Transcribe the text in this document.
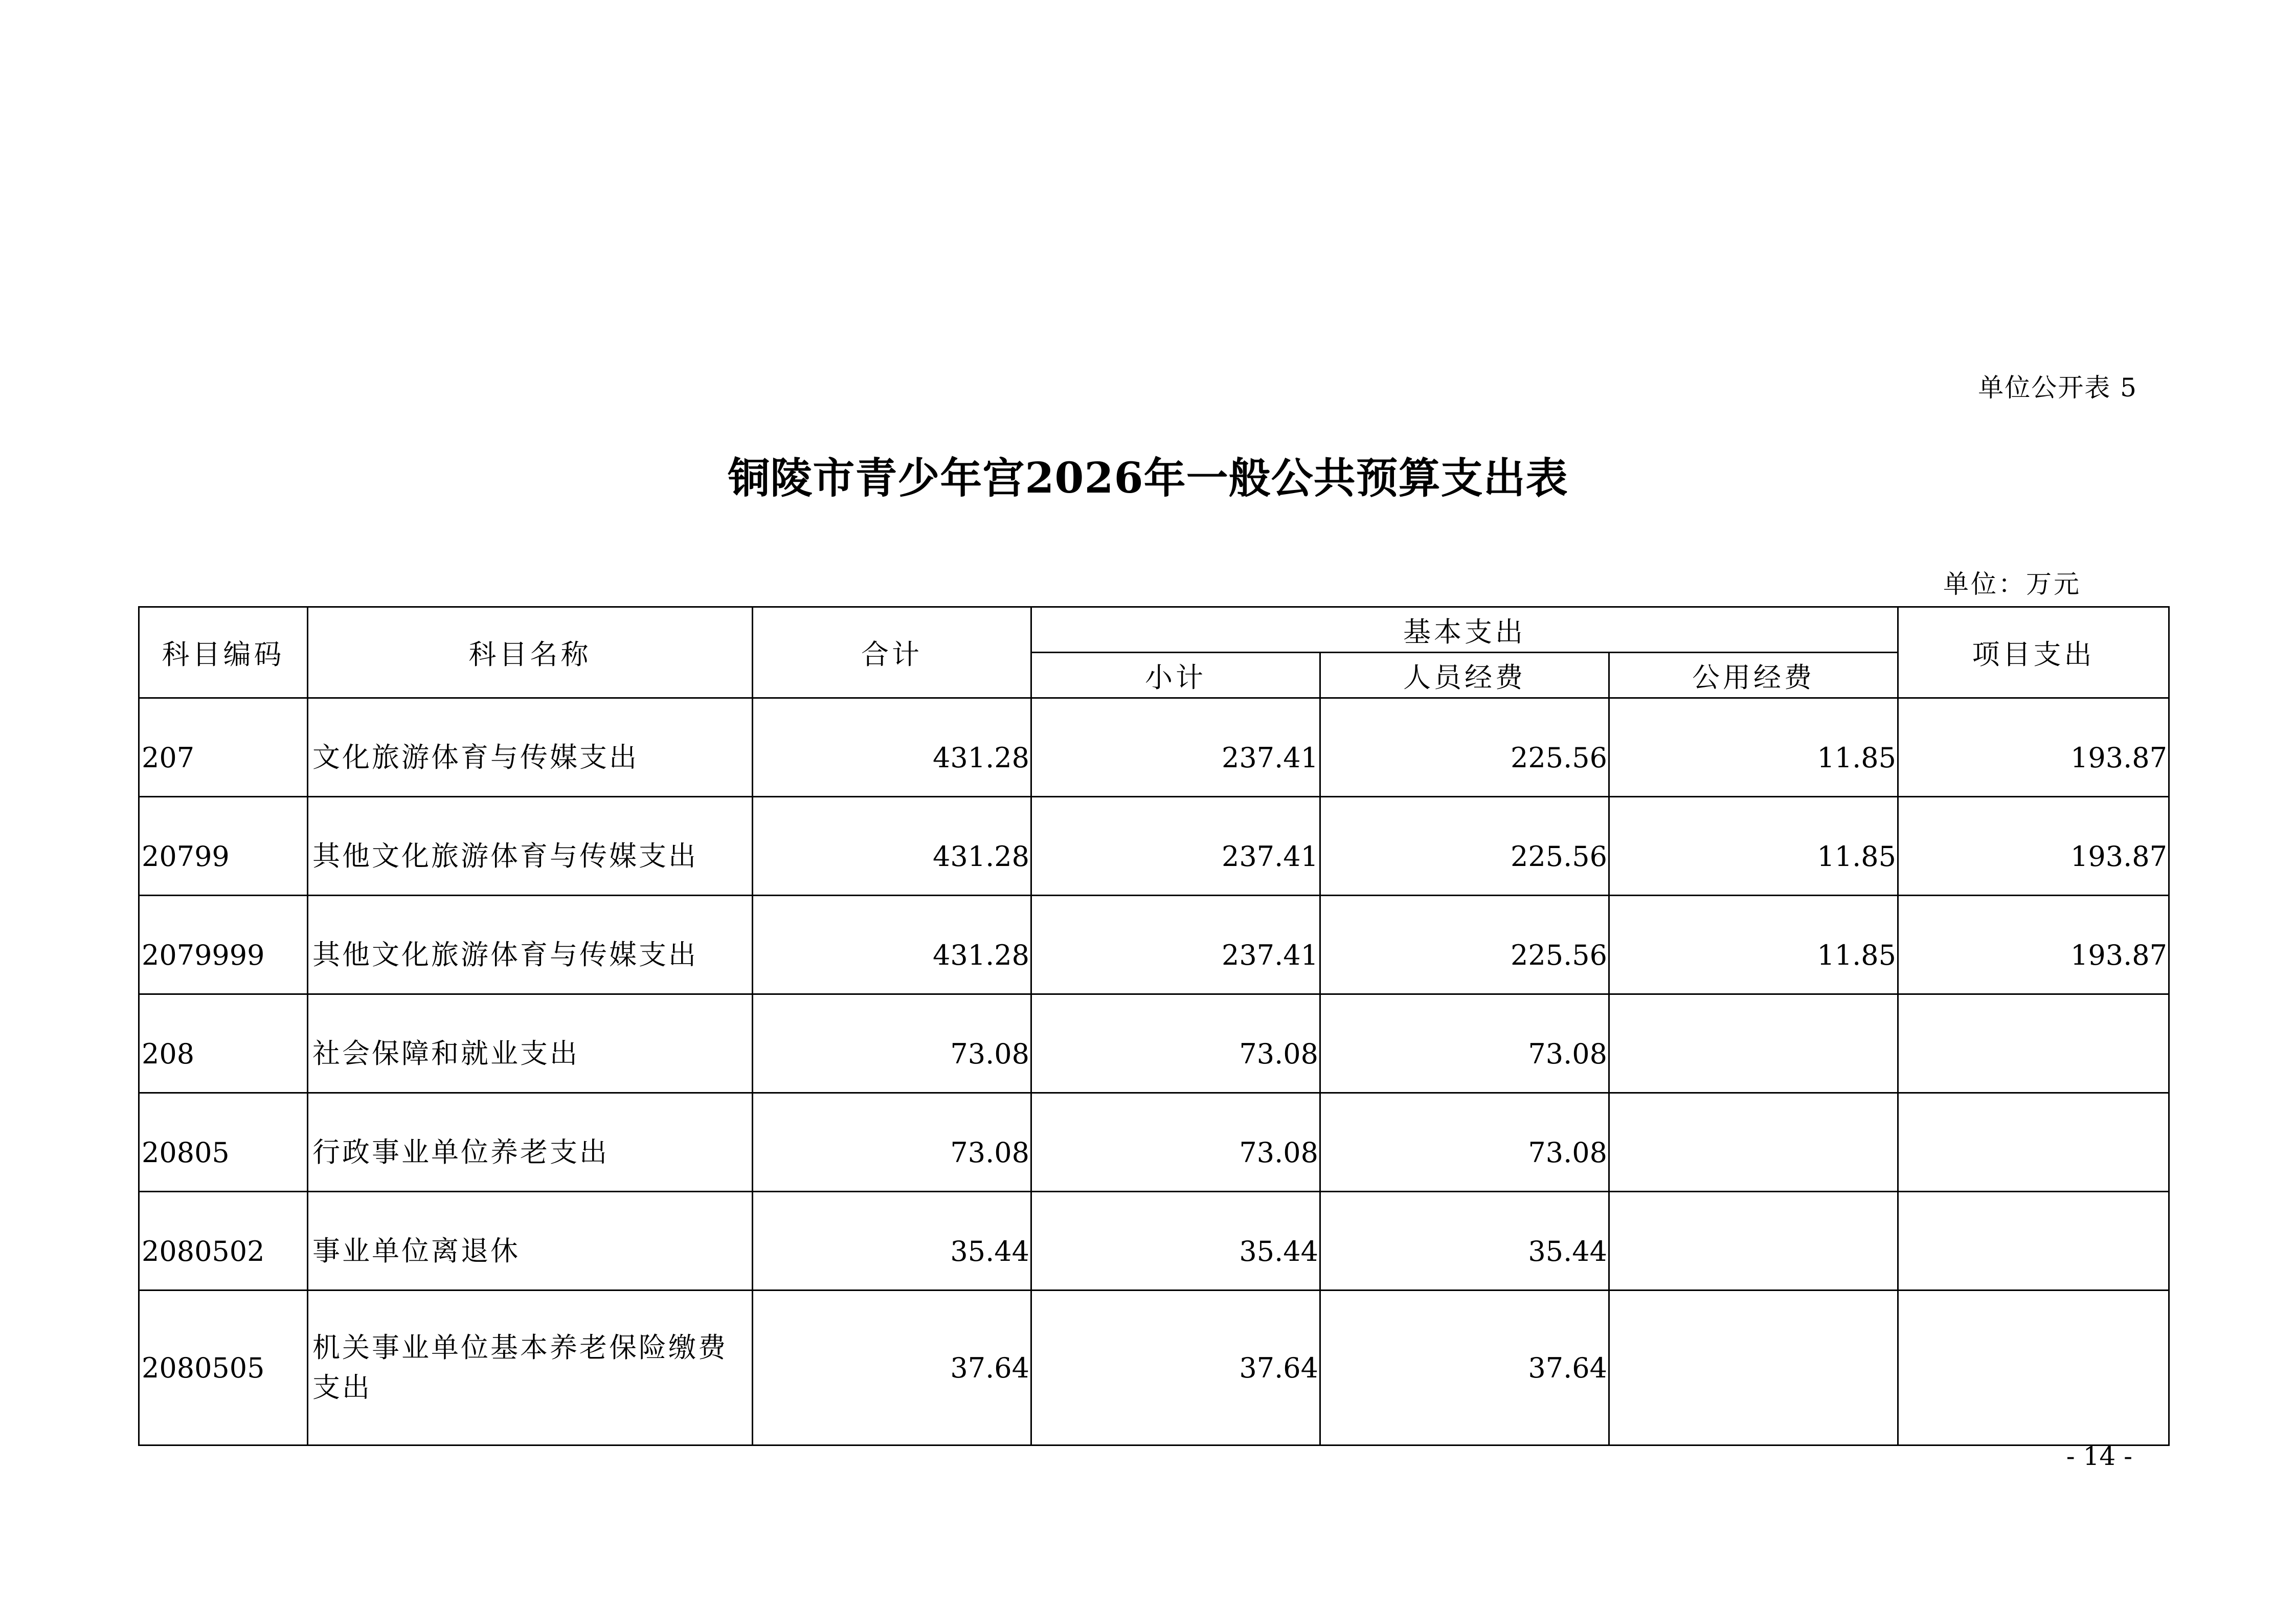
单位公开表 5
铜陵市青少年宫2026年一般公共预算支出表
单位：万元
科目编码	科目名称	合计	基本支出			项目支出
			小计	人员经费	公用经费	
207	文化旅游体育与传媒支出	431.28	237.41	225.56	11.85	193.87
20799	其他文化旅游体育与传媒支出	431.28	237.41	225.56	11.85	193.87
2079999	其他文化旅游体育与传媒支出	431.28	237.41	225.56	11.85	193.87
208	社会保障和就业支出	73.08	73.08	73.08		
20805	行政事业单位养老支出	73.08	73.08	73.08		
2080502	事业单位离退休	35.44	35.44	35.44		
2080505	机关事业单位基本养老保险缴费支出	37.64	37.64	37.64		
- 14 -
